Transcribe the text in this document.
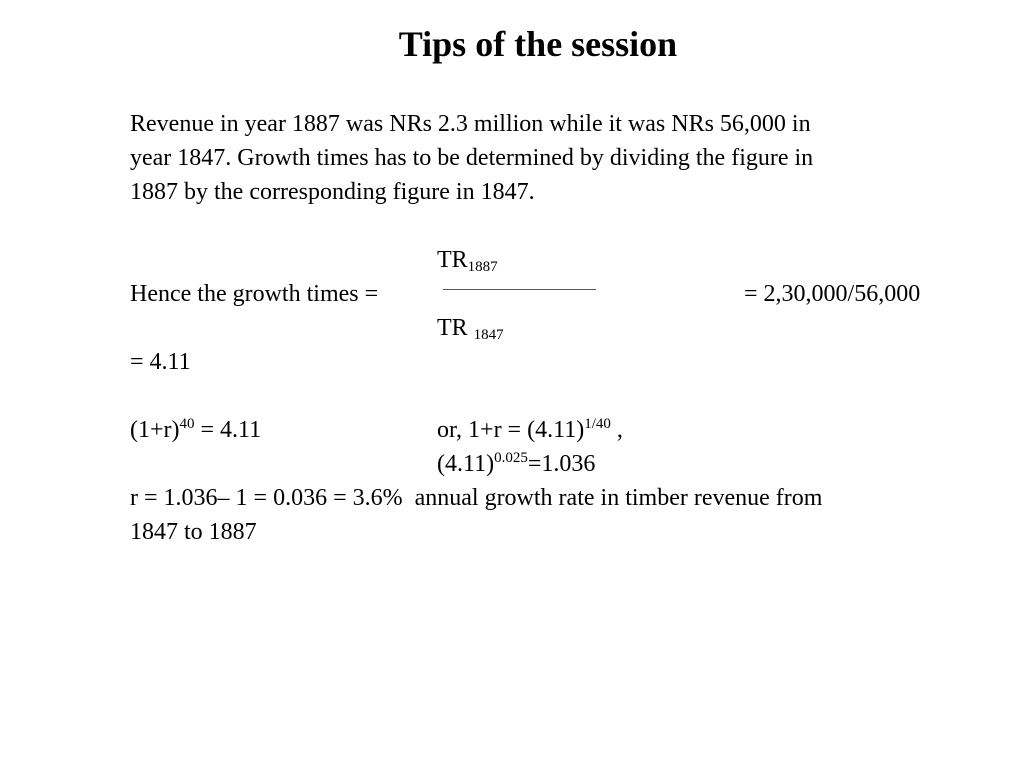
Tips of the session
Revenue in year 1887 was NRs 2.3 million while it was NRs 56,000 in
year 1847. Growth times has to be determined by dividing the figure in
1887 by the corresponding figure in 1847.
$TR_{1887}$
Hence the growth times =	= 2,30,000/56,000
TR $_{1847}$
= 4.11
$(1+r)^{40} = 4.11$	or, $1+r = (4.11)^{1/40}$ ,
$(4.11)^{0.025}=1.036$
r = 1.036– 1 = 0.036 = 3.6%  annual growth rate in timber revenue from
1847 to 1887
